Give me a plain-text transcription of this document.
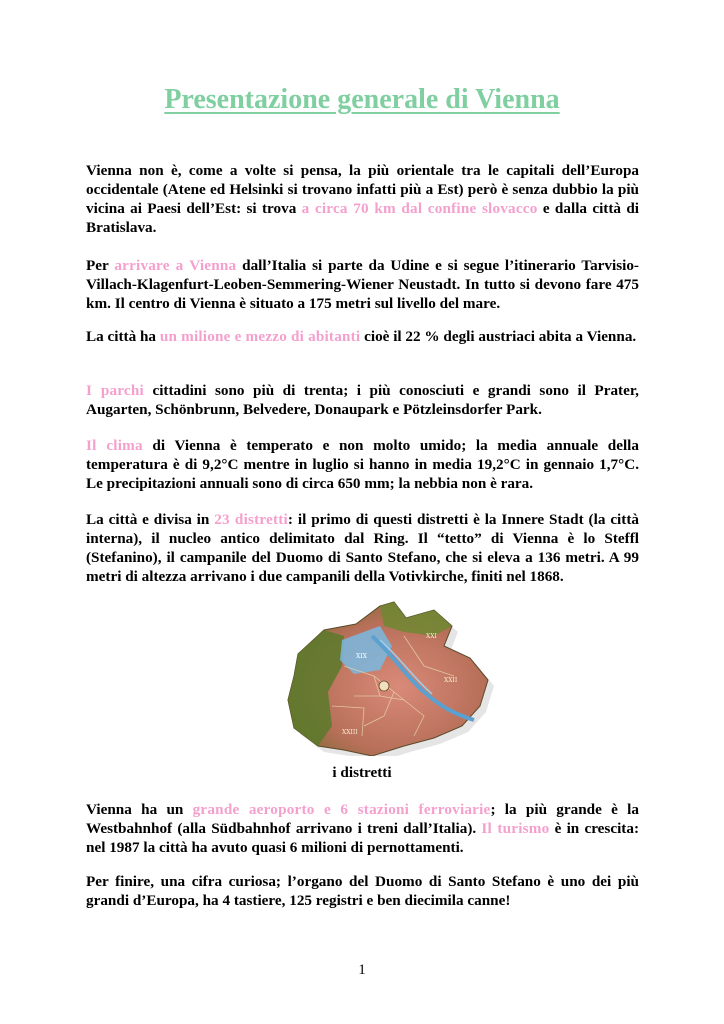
Presentazione generale di Vienna

Vienna non è, come a volte si pensa, la più orientale tra le capitali dell’Europa occidentale (Atene ed Helsinki si trovano infatti più a Est) però è senza dubbio la più vicina ai Paesi dell’Est: si trova a circa 70 km dal confine slovacco e dalla città di Bratislava.

Per arrivare a Vienna dall’Italia si parte da Udine e si segue l’itinerario Tarvisio-Villach-Klagenfurt-Leoben-Semmering-Wiener Neustadt. In tutto si devono fare 475 km. Il centro di Vienna è situato a 175 metri sul livello del mare.

La città ha un milione e mezzo di abitanti cioè il 22 % degli austriaci abita a Vienna.

I parchi cittadini sono più di trenta; i più conosciuti e grandi sono il Prater, Augarten, Schönbrunn, Belvedere, Donaupark e Pötzleinsdorfer Park.

Il clima di Vienna è temperato e non molto umido; la media annuale della temperatura è di 9,2°C mentre in luglio si hanno in media 19,2°C in gennaio 1,7°C. Le precipitazioni annuali sono di circa 650 mm; la nebbia non è rara.

La città e divisa in 23 distretti: il primo di questi distretti è la Innere Stadt (la città interna), il nucleo antico delimitato dal Ring. Il “tetto” di Vienna è lo Steffl (Stefanino), il campanile del Duomo di Santo Stefano, che si eleva a 136 metri. A 99 metri di altezza arrivano i due campanili della Votivkirche, finiti nel 1868.

XXI
XIX
XXII
XXIII
i distretti

Vienna ha un grande aeroporto e 6 stazioni ferroviarie; la più grande è la Westbahnhof (alla Südbahnhof arrivano i treni dall’Italia). Il turismo è in crescita: nel 1987 la città ha avuto quasi 6 milioni di pernottamenti.

Per finire, una cifra curiosa; l’organo del Duomo di Santo Stefano è uno dei più grandi d’Europa, ha 4 tastiere, 125 registri e ben diecimila canne!

1
